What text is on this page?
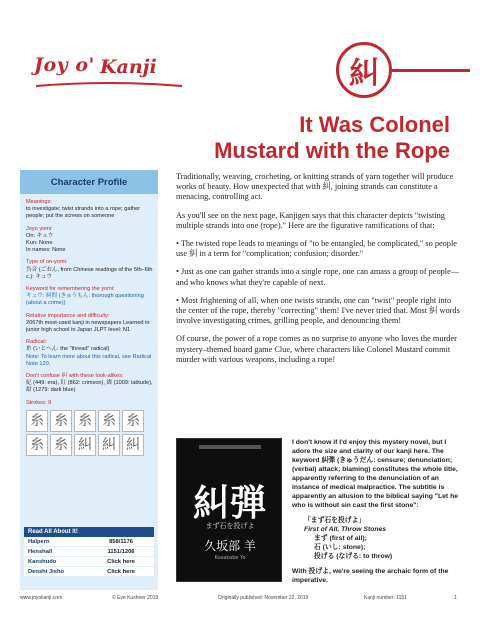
Joy o' Kanji	糾
It Was Colonel
Mustard with the Rope
Character Profile
Meanings:
to investigate; twist strands into a rope; gather people; put the screws on someone
Joyo yomi:
On: キュウ
Kun: None
In names: None
Type of on-yomi:
呉音 (ごおん, from Chinese readings of the 5th–6th c.): キュウ
Keyword for remembering the yomi:
キュウ: 糾問 (きゅうもん: thorough questioning (about a crime))
Relative importance and difficulty:
2067th most-used kanji in newspapers Learned in junior high school in Japan JLPT level: N1
Radical:
糸 (いとへん: the "thread" radical)
Note: To learn more about this radical, see Radical Note 120.
Don't confuse 糾 with these look-alikes:
紀 (449: era), 紅 (862: crimson), 緯 (1009: latitude), 紺 (1279: dark blue)
Strokes: 9
糸 糸 糸 糸 糸
糸 糸 糾 糾 糾
Read All About It!
Halpern	858/1176
Henshall	1151/1206
Kanshudo	Click here
Denshi Jisho	Click here

Traditionally, weaving, crocheting, or knitting strands of yarn together will produce works of beauty. How unexpected that with 糾, joining strands can constitute a menacing, controlling act.

As you'll see on the next page, Kanjigen says that this character depicts "twisting multiple strands into one (rope)." Here are the figurative ramifications of that:

• The twisted rope leads to meanings of "to be entangled, be complicated," so people use 糾 in a term for "complication; confusion; disorder."

• Just as one can gather strands into a single rope, one can amass a group of people—and who knows what they're capable of next.

• Most frightening of all, when one twists strands, one can "twist" people right into the center of the rope, thereby "correcting" them! I've never tried that. Most 糾 words involve investigating crimes, grilling people, and denouncing them!

Of course, the power of a rope comes as no surprise to anyone who loves the murder mystery–themed board game Clue, where characters like Colonel Mustard commit murder with various weapons, including a rope!

糾弾
まず石を投げよ
久坂部 羊
Kusakabe Yo

I don't know if I'd enjoy this mystery novel, but I adore the size and clarity of our kanji here. The keyword 糾弾 (きゅうだん: censure; denunciation; (verbal) attack; blaming) constitutes the whole title, apparently referring to the denunciation of an instance of medical malpractice. The subtitle is apparently an allusion to the biblical saying "Let he who is without sin cast the first stone":

「まず石を投げよ」
First of All, Throw Stones
まず (first of all);
石 (いし: stone);
投げる (なげる: to throw)

With 投げよ, we're seeing the archaic form of the imperative.

www.joyokanji.com	© Eve Kushner 2019	Originally published: November 22, 2019	Kanji number: 1151	1
